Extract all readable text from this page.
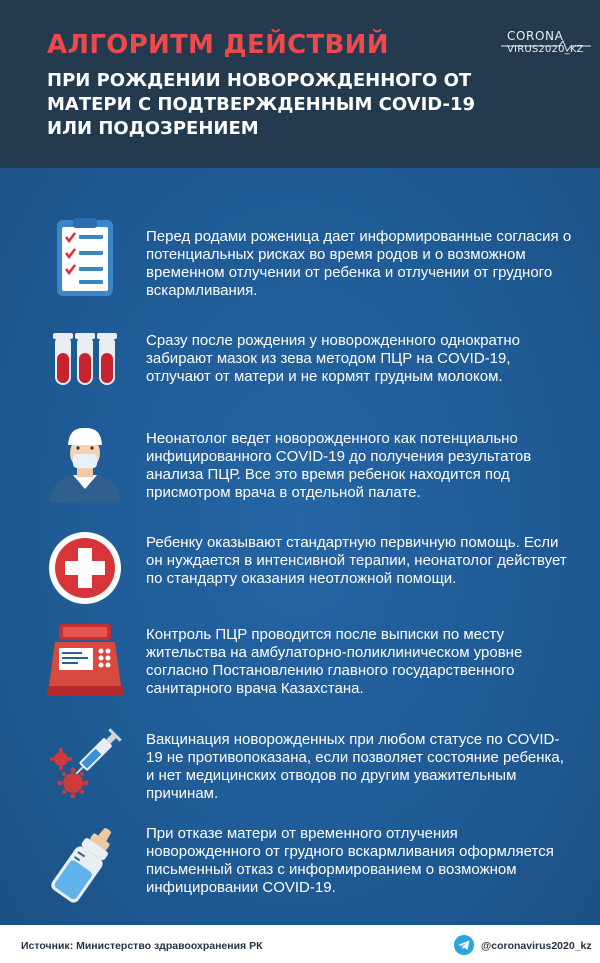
АЛГОРИТМ ДЕЙСТВИЙ
ПРИ РОЖДЕНИИ НОВОРОЖДЕННОГО ОТ МАТЕРИ С ПОДТВЕРЖДЕННЫМ COVID-19 ИЛИ ПОДОЗРЕНИЕМ
CORONA
VIRUS2020_KZ
Перед родами роженица дает информированные согласия о потенциальных рисках во время родов и о возможном временном отлучении от ребенка и отлучении от грудного вскармливания.
Сразу после рождения у новорожденного однократно забирают мазок из зева методом ПЦР на COVID-19, отлучают от матери и не кормят грудным молоком.
Неонатолог ведет новорожденного как потенциально инфицированного COVID-19 до получения результатов анализа ПЦР. Все это время ребенок находится под присмотром врача в отдельной палате.
Ребенку оказывают стандартную первичную помощь. Если он нуждается в интенсивной терапии, неонатолог действует по стандарту оказания неотложной помощи.
Контроль ПЦР проводится после выписки по месту жительства на амбулаторно-поликлиническом уровне согласно Постановлению главного государственного санитарного врача Казахстана.
Вакцинация новорожденных при любом статусе по COVID-19 не противопоказана, если позволяет состояние ребенка, и нет медицинских отводов по другим уважительным причинам.
При отказе матери от временного отлучения новорожденного от грудного вскармливания оформляется письменный отказ с информированием о возможном инфицировании COVID-19.
Источник: Министерство здравоохранения РК	@coronavirus2020_kz
